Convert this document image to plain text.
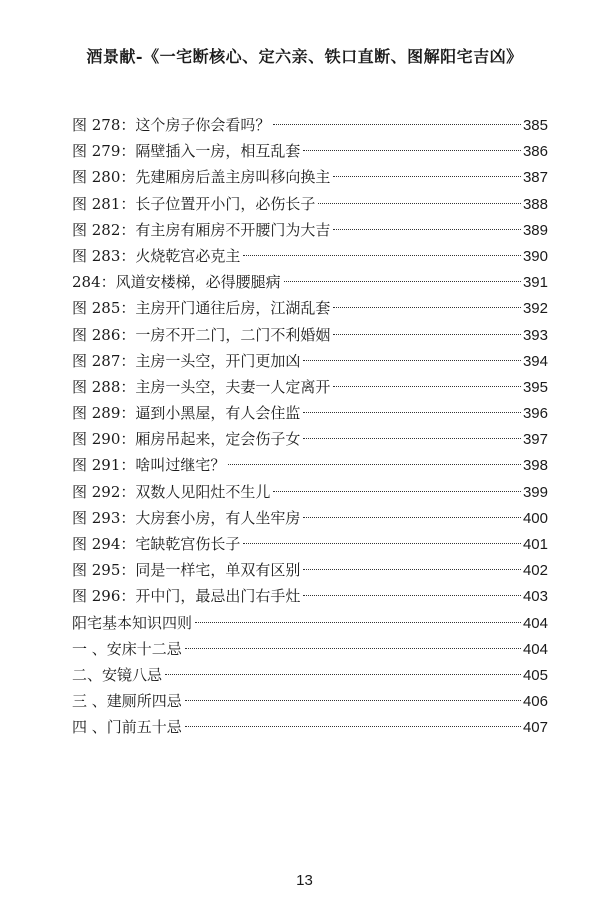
酒景献-《一宅断核心、定六亲、铁口直断、图解阳宅吉凶》
图 278：这个房子你会看吗？	385
图 279：隔壁插入一房，相互乱套	386
图 280：先建厢房后盖主房叫移向换主	387
图 281：长子位置开小门，必伤长子	388
图 282：有主房有厢房不开腰门为大吉	389
图 283：火烧乾宫必克主	390
284：风道安楼梯，必得腰腿病	391
图 285：主房开门通往后房，江湖乱套	392
图 286：一房不开二门，二门不利婚姻	393
图 287：主房一头空，开门更加凶	394
图 288：主房一头空，夫妻一人定离开	395
图 289：逼到小黑屋，有人会住监	396
图 290：厢房吊起来，定会伤子女	397
图 291：啥叫过继宅？	398
图 292：双数人见阳灶不生儿	399
图 293：大房套小房，有人坐牢房	400
图 294：宅缺乾宫伤长子	401
图 295：同是一样宅，单双有区别	402
图 296：开中门，最忌出门右手灶	403
阳宅基本知识四则	404
一 、安床十二忌	404
二、安镜八忌	405
三 、建厕所四忌	406
四 、门前五十忌	407
13
